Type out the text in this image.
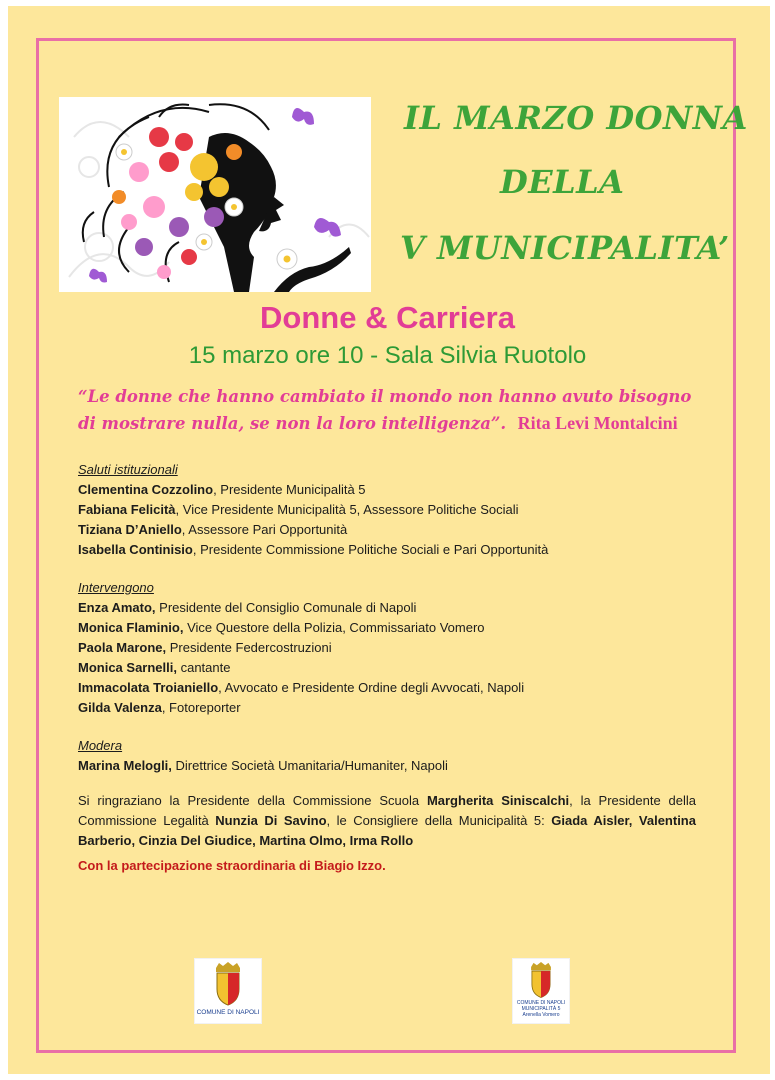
IL MARZO DONNA
DELLA
V MUNICIPALITA’
Donne & Carriera
15 marzo ore 10 - Sala Silvia Ruotolo
“Le donne che hanno cambiato il mondo non hanno avuto bisogno
di mostrare nulla, se non la loro intelligenza”. Rita Levi Montalcini
Saluti istituzionali
Clementina Cozzolino, Presidente Municipalità 5
Fabiana Felicità, Vice Presidente Municipalità 5, Assessore Politiche Sociali
Tiziana D’Aniello, Assessore Pari Opportunità
Isabella Continisio, Presidente Commissione Politiche Sociali e Pari Opportunità
Intervengono
Enza Amato, Presidente del Consiglio Comunale di Napoli
Monica Flaminio, Vice Questore della Polizia, Commissariato Vomero
Paola Marone, Presidente Federcostruzioni
Monica Sarnelli, cantante
Immacolata Troianiello, Avvocato e Presidente Ordine degli Avvocati, Napoli
Gilda Valenza, Fotoreporter
Modera
Marina Melogli, Direttrice Società Umanitaria/Humaniter, Napoli
Si ringraziano la Presidente della Commissione Scuola Margherita Siniscalchi, la Presidente della Commissione Legalità Nunzia Di Savino, le Consigliere della Municipalità 5: Giada Aisler, Valentina Barberio, Cinzia Del Giudice, Martina Olmo, Irma Rollo
Con la partecipazione straordinaria di Biagio Izzo.
COMUNE DI NAPOLI
COMUNE DI NAPOLI
MUNICIPALITÀ 5
Arenella Vomero
